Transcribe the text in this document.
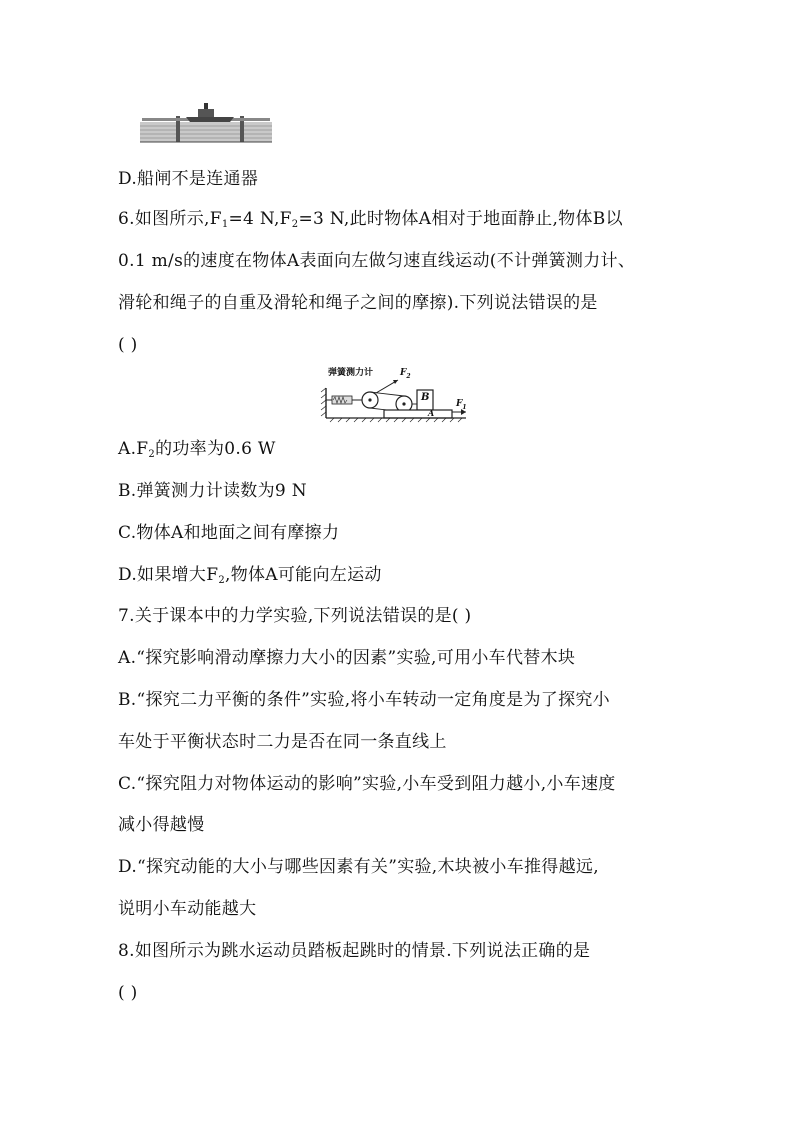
D.船闸不是连通器
6.如图所示$,F_1=4$ $N,F_2=3$ N,此时物体A相对于地面静止,物体B以
0.1 m/s的速度在物体A表面向左做匀速直线运动(不计弹簧测力计、
滑轮和绳子的自重及滑轮和绳子之间的摩擦).下列说法错误的是
( )
弹簧测力计	$F_2$
B
A
$F_1$
$A.F_2$的功率为0.6 W
B.弹簧测力计读数为9 N
C.物体A和地面之间有摩擦力
D.如果增大$F_2$,物体A可能向左运动
7.关于课本中的力学实验,下列说法错误的是( )
A.“探究影响滑动摩擦力大小的因素”实验,可用小车代替木块
B.“探究二力平衡的条件”实验,将小车转动一定角度是为了探究小
车处于平衡状态时二力是否在同一条直线上
C.“探究阻力对物体运动的影响”实验,小车受到阻力越小,小车速度
减小得越慢
D.“探究动能的大小与哪些因素有关”实验,木块被小车推得越远,
说明小车动能越大
8.如图所示为跳水运动员踏板起跳时的情景.下列说法正确的是
( )
